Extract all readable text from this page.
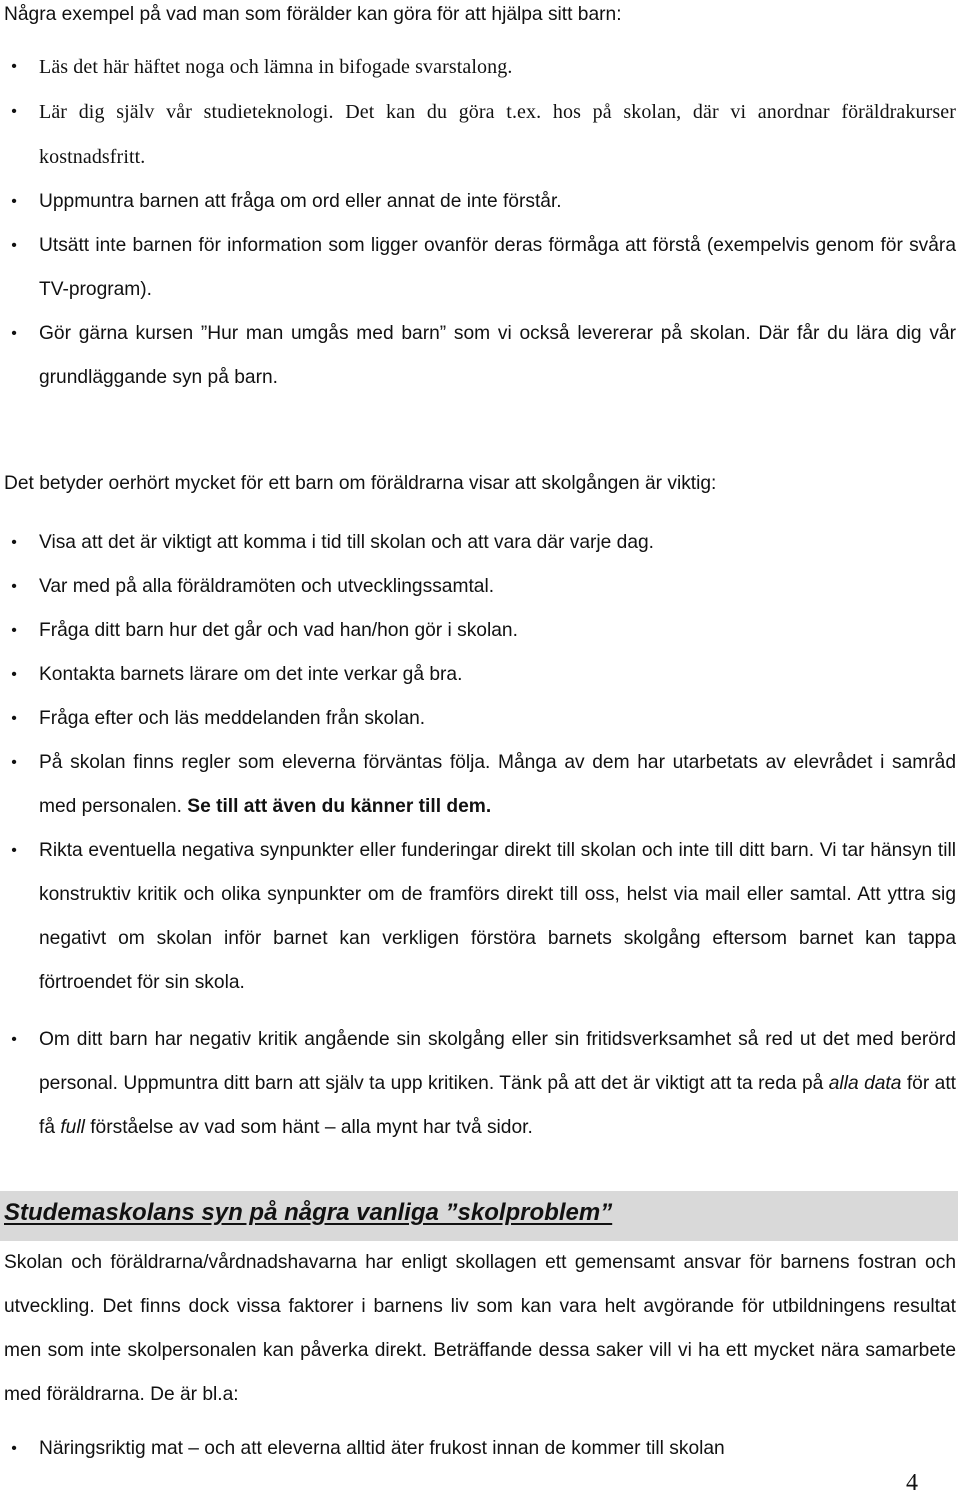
Några exempel på vad man som förälder kan göra för att hjälpa sitt barn:

•	Läs det här häftet noga och lämna in bifogade svarstalong.
•	Lär dig själv vår studieteknologi. Det kan du göra t.ex. hos på skolan, där vi anordnar föräldrakurser kostnadsfritt.
•	Uppmuntra barnen att fråga om ord eller annat de inte förstår.
•	Utsätt inte barnen för information som ligger ovanför deras förmåga att förstå (exempelvis genom för svåra TV-program).
•	Gör gärna kursen ”Hur man umgås med barn” som vi också levererar på skolan. Där får du lära dig vår grundläggande syn på barn.

Det betyder oerhört mycket för ett barn om föräldrarna visar att skolgången är viktig:

•	Visa att det är viktigt att komma i tid till skolan och att vara där varje dag.
•	Var med på alla föräldramöten och utvecklingssamtal.
•	Fråga ditt barn hur det går och vad han/hon gör i skolan.
•	Kontakta barnets lärare om det inte verkar gå bra.
•	Fråga efter och läs meddelanden från skolan.
•	På skolan finns regler som eleverna förväntas följa. Många av dem har utarbetats av elevrådet i samråd med personalen. Se till att även du känner till dem.
•	Rikta eventuella negativa synpunkter eller funderingar direkt till skolan och inte till ditt barn. Vi tar hänsyn till konstruktiv kritik och olika synpunkter om de framförs direkt till oss, helst via mail eller samtal. Att yttra sig negativt om skolan inför barnet kan verkligen förstöra barnets skolgång eftersom barnet kan tappa förtroendet för sin skola.
•	Om ditt barn har negativ kritik angående sin skolgång eller sin fritidsverksamhet så red ut det med berörd personal. Uppmuntra ditt barn att själv ta upp kritiken. Tänk på att det är viktigt att ta reda på alla data för att få full förståelse av vad som hänt – alla mynt har två sidor.
Studemaskolans syn på några vanliga ”skolproblem”

Skolan och föräldrarna/vårdnadshavarna har enligt skollagen ett gemensamt ansvar för barnens fostran och utveckling. Det finns dock vissa faktorer i barnens liv som kan vara helt avgörande för utbildningens resultat men som inte skolpersonalen kan påverka direkt. Beträffande dessa saker vill vi ha ett mycket nära samarbete med föräldrarna. De är bl.a:

•	Näringsriktig mat – och att eleverna alltid äter frukost innan de kommer till skolan
4
